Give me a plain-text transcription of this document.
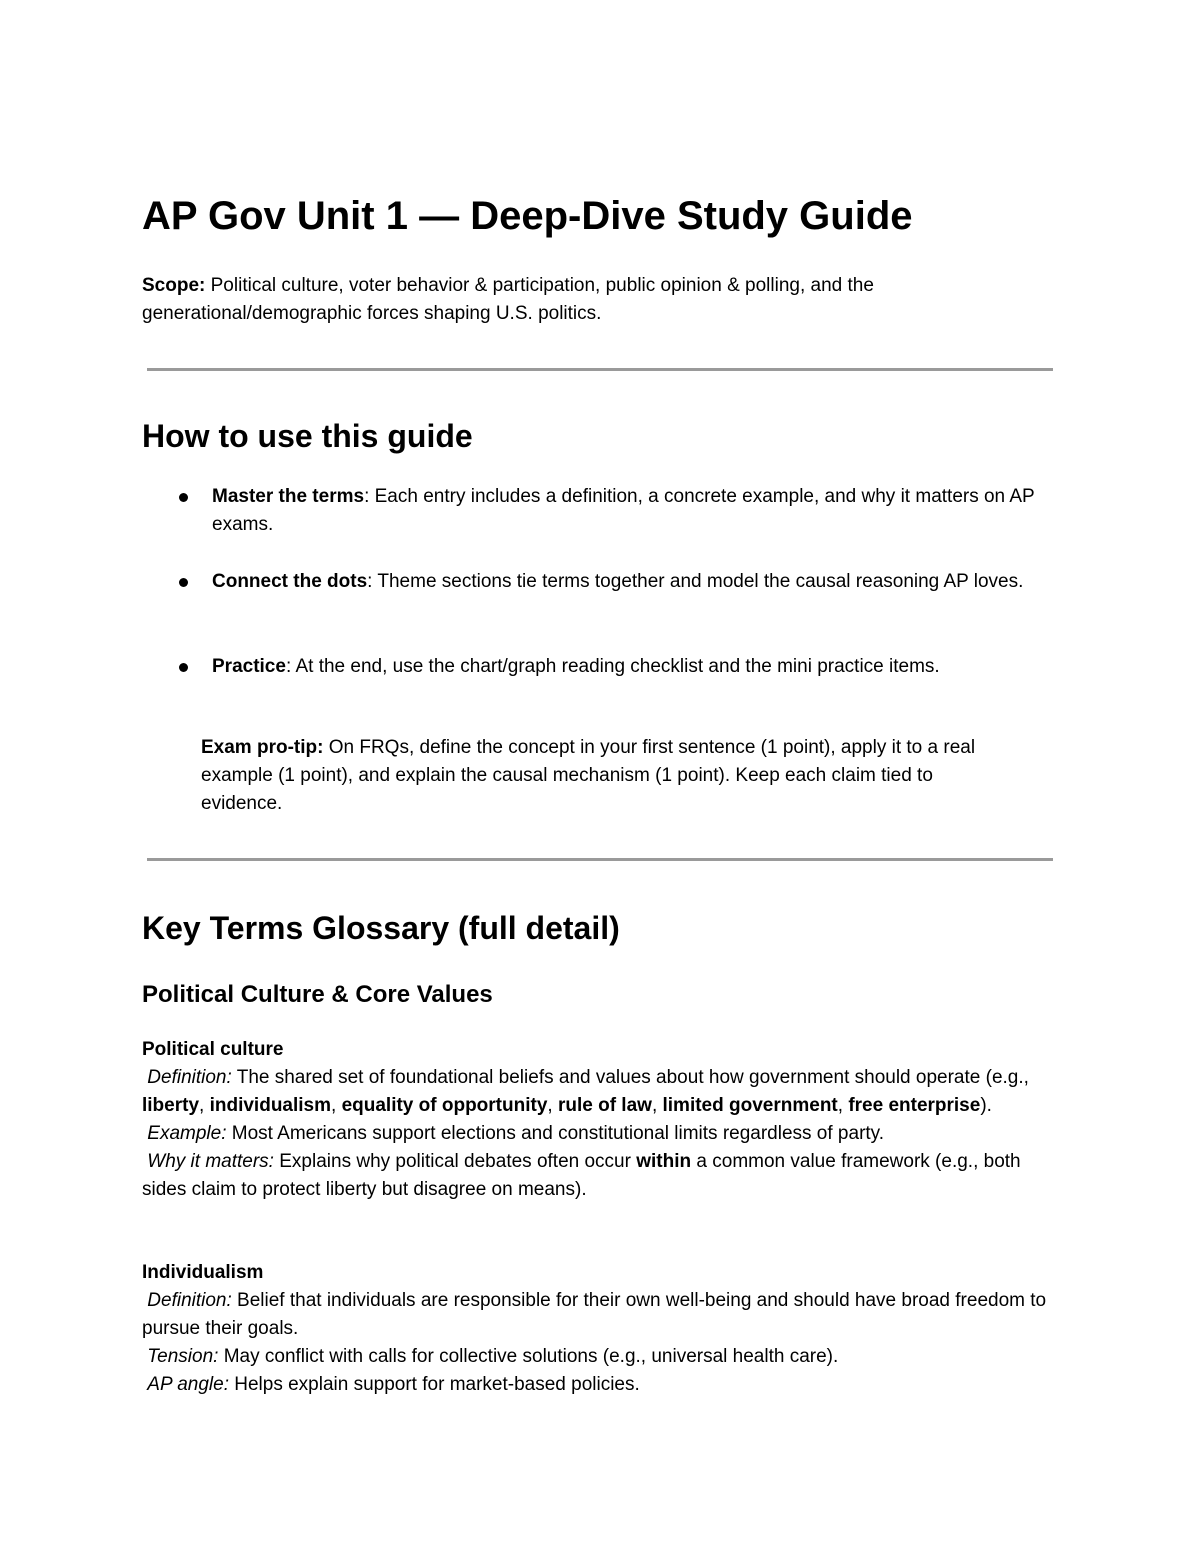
AP Gov Unit 1 — Deep-Dive Study Guide
Scope: Political culture, voter behavior & participation, public opinion & polling, and the generational/demographic forces shaping U.S. politics.
How to use this guide
Master the terms: Each entry includes a definition, a concrete example, and why it matters on AP exams.
Connect the dots: Theme sections tie terms together and model the causal reasoning AP loves.
Practice: At the end, use the chart/graph reading checklist and the mini practice items.
Exam pro-tip: On FRQs, define the concept in your first sentence (1 point), apply it to a real example (1 point), and explain the causal mechanism (1 point). Keep each claim tied to evidence.
Key Terms Glossary (full detail)
Political Culture & Core Values
Political culture
Definition: The shared set of foundational beliefs and values about how government should operate (e.g., liberty, individualism, equality of opportunity, rule of law, limited government, free enterprise).
Example: Most Americans support elections and constitutional limits regardless of party.
Why it matters: Explains why political debates often occur within a common value framework (e.g., both sides claim to protect liberty but disagree on means).
Individualism
Definition: Belief that individuals are responsible for their own well-being and should have broad freedom to pursue their goals.
Tension: May conflict with calls for collective solutions (e.g., universal health care).
AP angle: Helps explain support for market-based policies.
